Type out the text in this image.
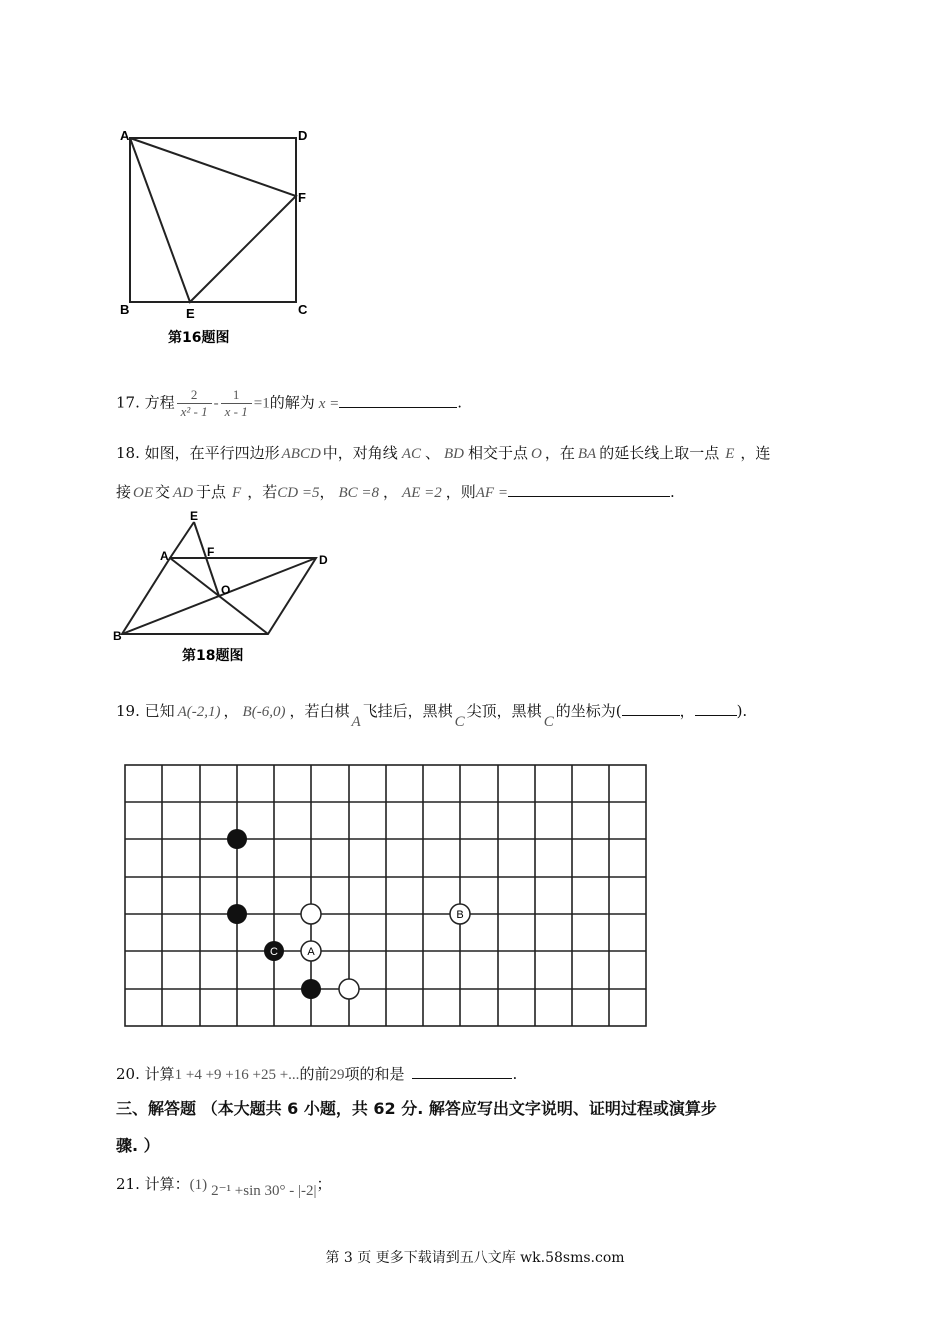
A	D
F
B	E	C
第16题图
17. 方程 $\frac{2}{\text{x² - 1}} - \frac{1}{x - 1} =1$的解为 x =	.
18. 如图，在平行四边形 ABCD 中，对角线 AC 、 BD 相交于点 O ，在 BA 的延长线上取一点 E ，连
接 OE 交 AD 于点 F ，若CD =5， BC =8 ， AE =2 ，则AF =	.
E
A	F
D
O
B
第18题图
19. 已知 A(-2,1) ， B(-6,0) ，若白棋A飞挂后，黑棋C尖顶，黑棋C的坐标为(	，	).
B
C	A
20. 计算1 +4 +9 +16 +25 +...的前29项的和是	.
三、解答题 （本大题共 6 小题，共 62 分. 解答应写出文字说明、证明过程或演算步
骤. ）
21. 计算：(1) 2⁻¹ +sin 30° - |-2|；
第 3 页 更多下载请到五八文库 wk.58sms.com
